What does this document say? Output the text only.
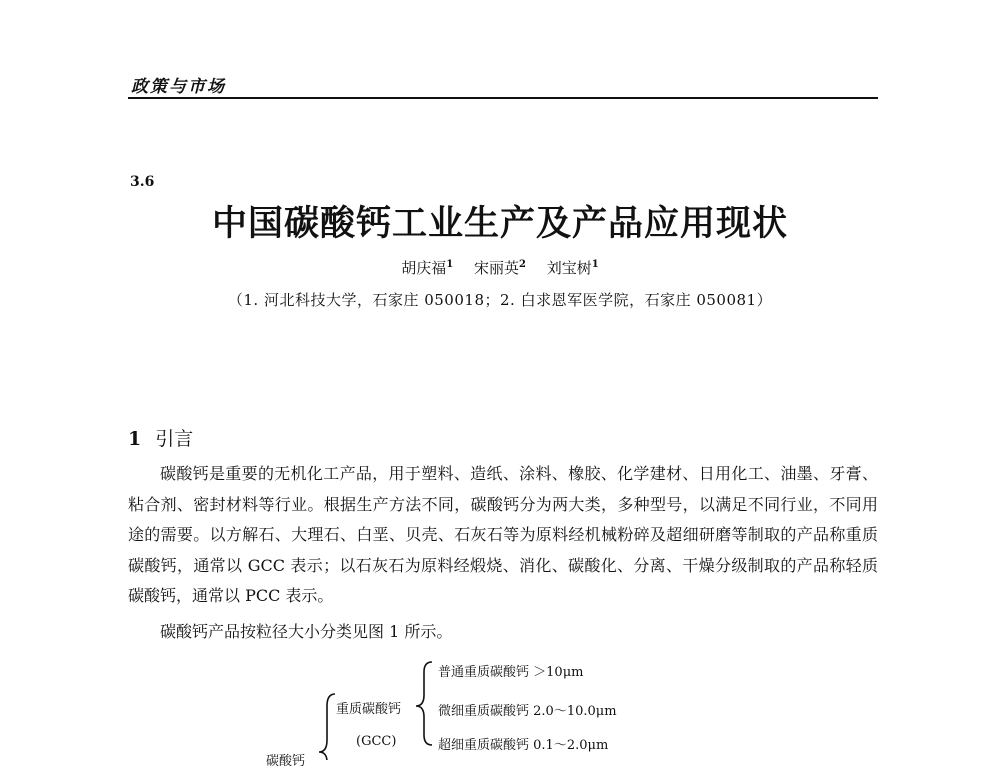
政策与市场
3.6
中国碳酸钙工业生产及产品应用现状
胡庆福$^1$ 宋丽英$^2$ 刘宝树$^1$
（1. 河北科技大学，石家庄 050018；2. 白求恩军医学院，石家庄 050081）
1 引言
碳酸钙是重要的无机化工产品，用于塑料、造纸、涂料、橡胶、化学建材、日用化工、油墨、牙膏、粘合剂、密封材料等行业。根据生产方法不同，碳酸钙分为两大类，多种型号，以满足不同行业，不同用途的需要。以方解石、大理石、白垩、贝壳、石灰石等为原料经机械粉碎及超细研磨等制取的产品称重质碳酸钙，通常以 GCC 表示；以石灰石为原料经煅烧、消化、碳酸化、分离、干燥分级制取的产品称轻质碳酸钙，通常以 PCC 表示。
碳酸钙产品按粒径大小分类见图 1 所示。
普通重质碳酸钙 ＞10μm
微细重质碳酸钙 2.0～10.0μm
超细重质碳酸钙 0.1～2.0μm
重质碳酸钙
(GCC)
碳酸钙
